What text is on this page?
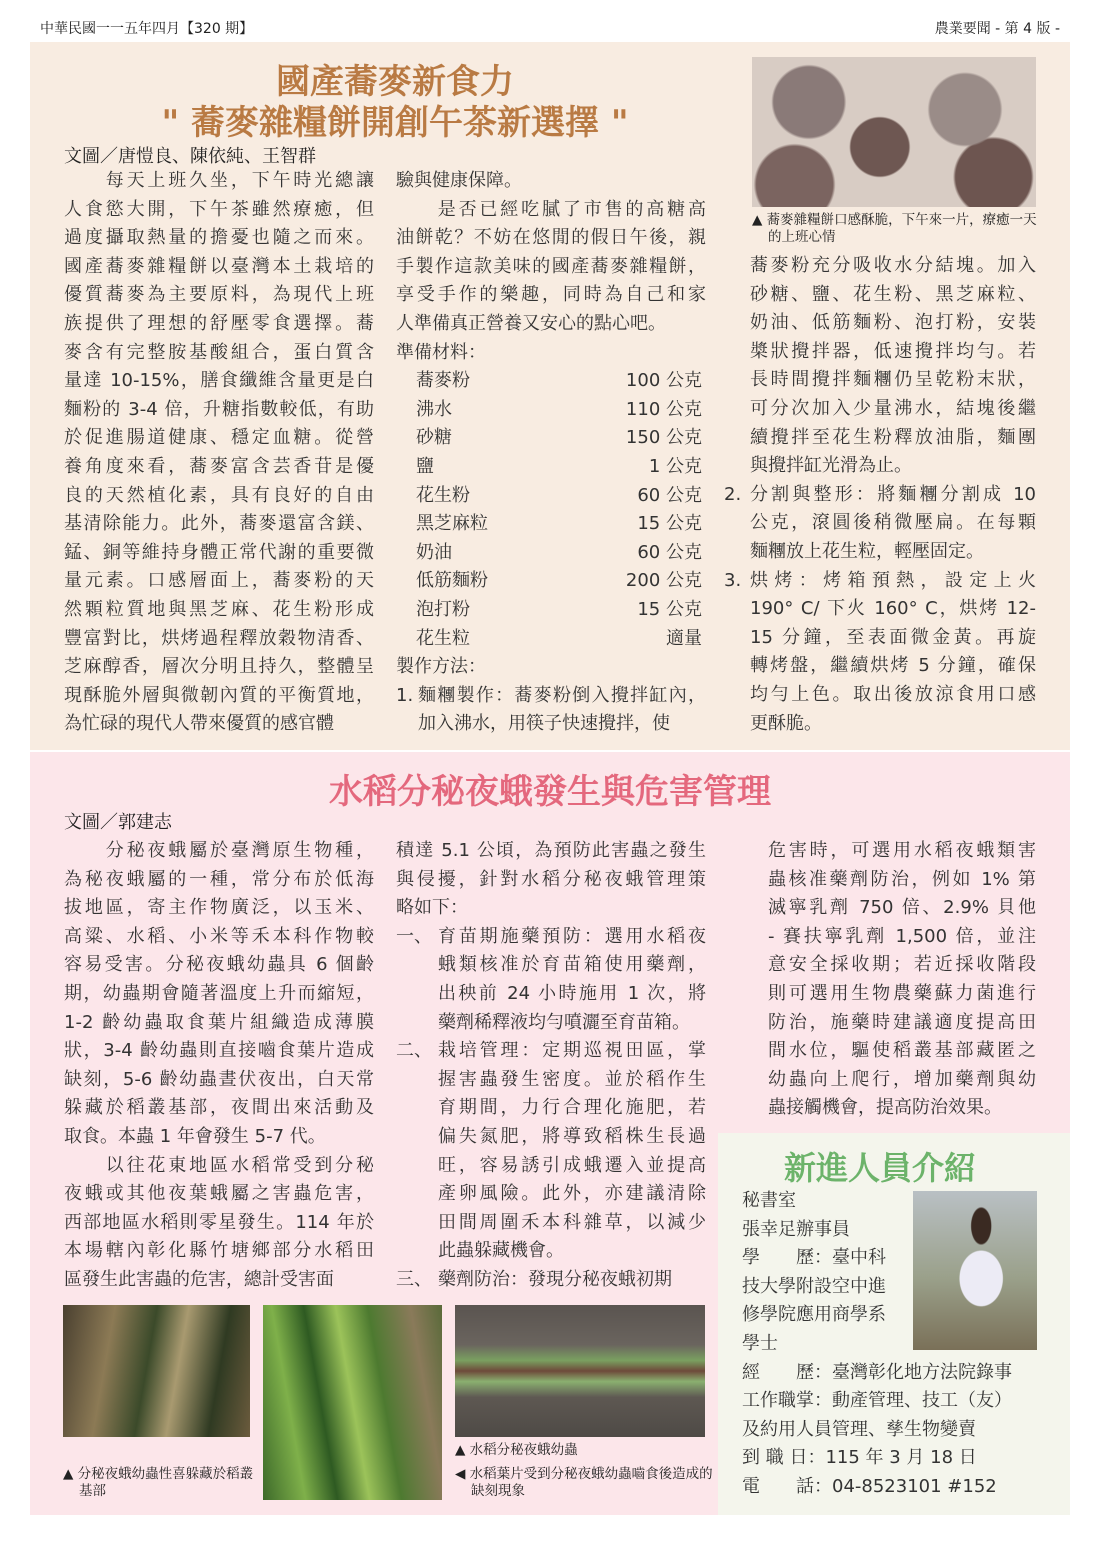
中華民國一一五年四月【320 期】	農業要聞 - 第 4 版 -
國產蕎麥新食力
" 蕎麥雜糧餅開創午茶新選擇 "
文圖／唐愷良、陳依純、王智群
▲ 蕎麥雜糧餅口感酥脆，下午來一片，療癒一天的上班心情
　　每天上班久坐，下午時光總讓
人食慾大開，下午茶雖然療癒，但
過度攝取熱量的擔憂也隨之而來。
國產蕎麥雜糧餅以臺灣本土栽培的
優質蕎麥為主要原料，為現代上班
族提供了理想的舒壓零食選擇。蕎
麥含有完整胺基酸組合，蛋白質含
量達 10-15%，膳食纖維含量更是白
麵粉的 3-4 倍，升糖指數較低，有助
於促進腸道健康、穩定血糖。從營
養角度來看，蕎麥富含芸香苷是優
良的天然植化素，具有良好的自由
基清除能力。此外，蕎麥還富含鎂、
錳、銅等維持身體正常代謝的重要微
量元素。口感層面上，蕎麥粉的天
然顆粒質地與黑芝麻、花生粉形成
豐富對比，烘烤過程釋放穀物清香、
芝麻醇香，層次分明且持久，整體呈
現酥脆外層與微韌內質的平衡質地，
為忙碌的現代人帶來優質的感官體
驗與健康保障。
　　是否已經吃膩了市售的高糖高
油餅乾？不妨在悠閒的假日午後，親
手製作這款美味的國產蕎麥雜糧餅，
享受手作的樂趣，同時為自己和家
人準備真正營養又安心的點心吧。
準備材料：
蕎麥粉	100 公克
沸水	110 公克
砂糖	150 公克
鹽	1 公克
花生粉	60 公克
黑芝麻粒	15 公克
奶油	60 公克
低筋麵粉	200 公克
泡打粉	15 公克
花生粒	適量
製作方法：
1. 麵糰製作：蕎麥粉倒入攪拌缸內，
加入沸水，用筷子快速攪拌，使
蕎麥粉充分吸收水分結塊。加入
砂糖、鹽、花生粉、黑芝麻粒、
奶油、低筋麵粉、泡打粉，安裝
槳狀攪拌器，低速攪拌均勻。若
長時間攪拌麵糰仍呈乾粉末狀，
可分次加入少量沸水，結塊後繼
續攪拌至花生粉釋放油脂，麵團
與攪拌缸光滑為止。
2. 分割與整形：將麵糰分割成 10
公克，滾圓後稍微壓扁。在每顆
麵糰放上花生粒，輕壓固定。
3. 烘烤：烤箱預熱，設定上火
190° C/ 下火 160° C，烘烤 12-
15 分鐘，至表面微金黃。再旋
轉烤盤，繼續烘烤 5 分鐘，確保
均勻上色。取出後放涼食用口感
更酥脆。
水稻分秘夜蛾發生與危害管理
文圖／郭建志
　　分秘夜蛾屬於臺灣原生物種，
為秘夜蛾屬的一種，常分布於低海
拔地區，寄主作物廣泛，以玉米、
高粱、水稻、小米等禾本科作物較
容易受害。分秘夜蛾幼蟲具 6 個齡
期，幼蟲期會隨著溫度上升而縮短，
1-2 齡幼蟲取食葉片組織造成薄膜
狀，3-4 齡幼蟲則直接嚙食葉片造成
缺刻，5-6 齡幼蟲晝伏夜出，白天常
躲藏於稻叢基部，夜間出來活動及
取食。本蟲 1 年會發生 5-7 代。
　　以往花東地區水稻常受到分秘
夜蛾或其他夜葉蛾屬之害蟲危害，
西部地區水稻則零星發生。114 年於
本場轄內彰化縣竹塘鄉部分水稻田
區發生此害蟲的危害，總計受害面
積達 5.1 公頃，為預防此害蟲之發生
與侵擾，針對水稻分秘夜蛾管理策
略如下：
一、 育苗期施藥預防：選用水稻夜
蛾類核准於育苗箱使用藥劑，
出秧前 24 小時施用 1 次，將
藥劑稀釋液均勻噴灑至育苗箱。
二、 栽培管理：定期巡視田區，掌
握害蟲發生密度。並於稻作生
育期間，力行合理化施肥，若
偏失氮肥，將導致稻株生長過
旺，容易誘引成蛾遷入並提高
產卵風險。此外，亦建議清除
田間周圍禾本科雜草，以減少
此蟲躲藏機會。
三、 藥劑防治：發現分秘夜蛾初期
危害時，可選用水稻夜蛾類害
蟲核准藥劑防治，例如 1% 第
滅寧乳劑 750 倍、2.9% 貝他
- 賽扶寧乳劑 1,500 倍，並注
意安全採收期；若近採收階段
則可選用生物農藥蘇力菌進行
防治，施藥時建議適度提高田
間水位，驅使稻叢基部藏匿之
幼蟲向上爬行，增加藥劑與幼
蟲接觸機會，提高防治效果。
▲ 分秘夜蛾幼蟲性喜躲藏於稻叢基部
▲ 水稻分秘夜蛾幼蟲
◀ 水稻葉片受到分秘夜蛾幼蟲嚙食後造成的缺刻現象
新進人員介紹
秘書室
張幸足辦事員
學　　歷：臺中科
技大學附設空中進
修學院應用商學系
學士
經　　歷：臺灣彰化地方法院錄事
工作職掌：動產管理、技工（友）
及約用人員管理、孳生物變賣
到 職 日：115 年 3 月 18 日
電　　話：04-8523101 #152
